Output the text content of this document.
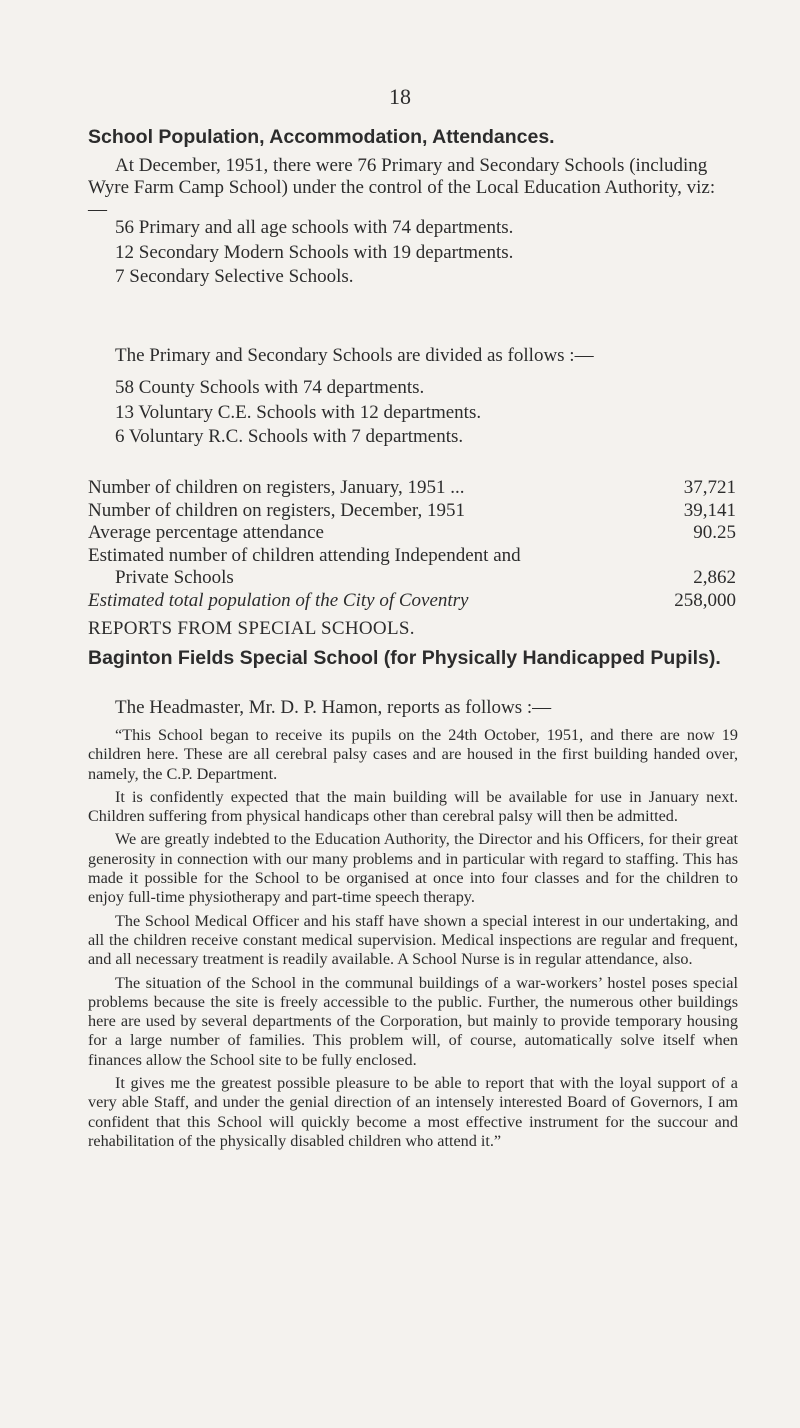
18
School Population, Accommodation, Attendances.

At December, 1951, there were 76 Primary and Secondary Schools (including Wyre Farm Camp School) under the control of the Local Education Authority, viz:—

56 Primary and all age schools with 74 departments.
12 Secondary Modern Schools with 19 departments.
7 Secondary Selective Schools.

The Primary and Secondary Schools are divided as follows :—

58 County Schools with 74 departments.
13 Voluntary C.E. Schools with 12 departments.
6 Voluntary R.C. Schools with 7 departments.
Number of children on registers, January, 1951 ...	37,721
Number of children on registers, December, 1951	39,141
Average percentage attendance	90.25
Estimated number of children attending Independent and
Private Schools	2,862
Estimated total population of the City of Coventry	258,000
REPORTS FROM SPECIAL SCHOOLS.
Baginton Fields Special School (for Physically Handicapped Pupils).

The Headmaster, Mr. D. P. Hamon, reports as follows :—

“This School began to receive its pupils on the 24th October, 1951, and there are now 19 children here. These are all cerebral palsy cases and are housed in the first building handed over, namely, the C.P. Department.

It is confidently expected that the main building will be available for use in January next. Children suffering from physical handicaps other than cerebral palsy will then be admitted.

We are greatly indebted to the Education Authority, the Director and his Officers, for their great generosity in connection with our many problems and in particular with regard to staffing. This has made it possible for the School to be organised at once into four classes and for the children to enjoy full-time physiotherapy and part-time speech therapy.

The School Medical Officer and his staff have shown a special interest in our undertaking, and all the children receive constant medical supervision. Medical inspections are regular and frequent, and all necessary treatment is readily available. A School Nurse is in regular attendance, also.

The situation of the School in the communal buildings of a war-workers’ hostel poses special problems because the site is freely accessible to the public. Further, the numerous other buildings here are used by several departments of the Corporation, but mainly to provide temporary housing for a large number of families. This problem will, of course, automatically solve itself when finances allow the School site to be fully enclosed.

It gives me the greatest possible pleasure to be able to report that with the loyal support of a very able Staff, and under the genial direction of an intensely interested Board of Governors, I am confident that this School will quickly become a most effective instrument for the succour and rehabilitation of the physically disabled children who attend it.”
